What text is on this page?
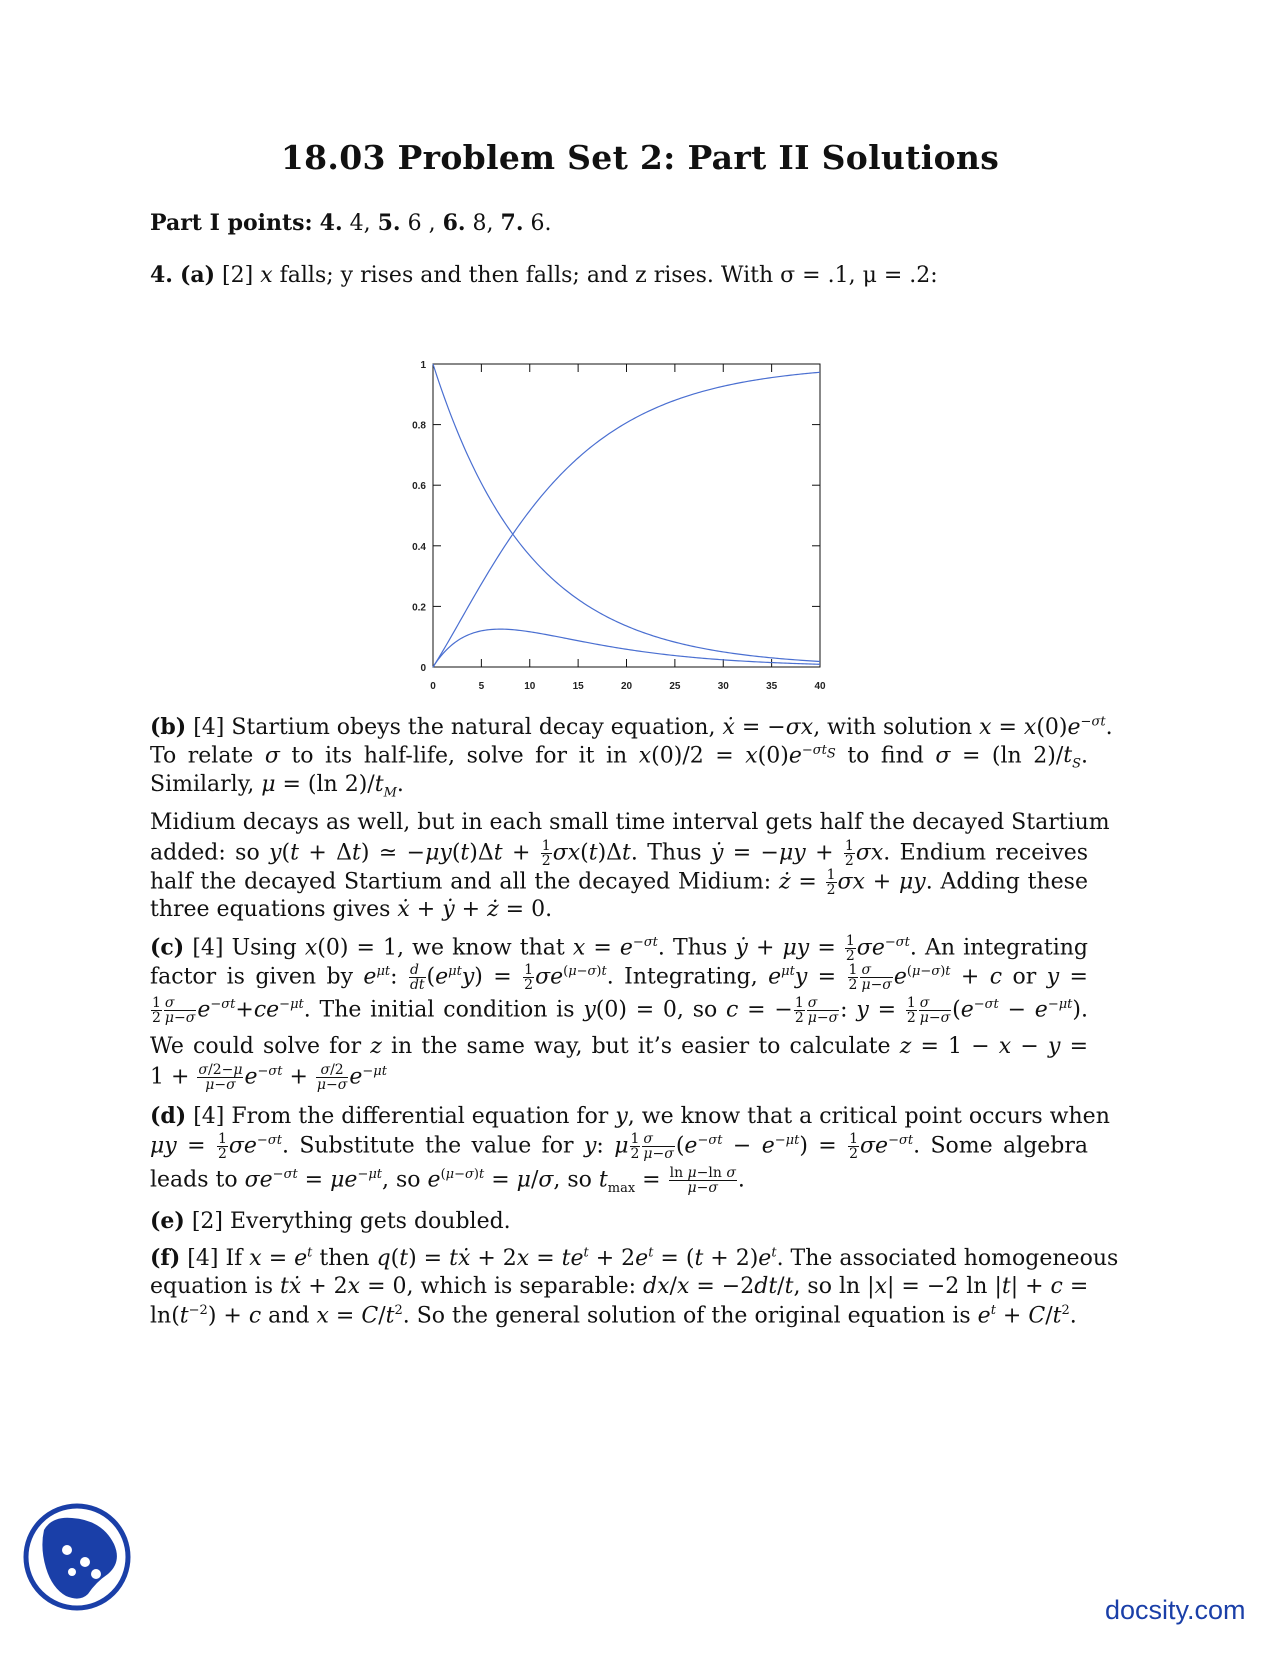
18.03 Problem Set 2: Part II Solutions
Part I points: 4. 4, 5. 6 , 6. 8, 7. 6.
4. (a) [2] x falls; y rises and then falls; and z rises. With σ = .1, μ = .2:
0	5	10	15	20	25	30	35	40
0
0.2
0.4
0.6
0.8
1
(b) [4] Startium obeys the natural decay equation, ẋ = −σx, with solution $x = x(0)e^{-\sigma t}$.
To relate σ to its half-life, solve for it in $x(0)/2 = x(0)e^{-\sigma t_S}$ to find σ = (ln $2)/t_S$.
Similarly, μ = (ln $2)/t_M$.
Midium decays as well, but in each small time interval gets half the decayed Startium
added: so y(t + Δt) ≃ $-\mu y(t)\Delta t + \frac{1}{2} \sigma x(t)\Delta t$. Thus ẏ = $-\mu y + \frac{1}{2} \sigma x$. Endium receives
half the decayed Startium and all the decayed Midium: ż = $\frac{1}{2}$ σx + μy. Adding these
three equations gives ẋ + ẏ + ż = 0.
(c) [4] Using x(0) = 1, we know that $x = e^{-\sigma t}$. Thus ẏ + $\mu y = \frac{1}{2} \sigma e^{-\sigma t}$. An integrating
factor is given by $e^{\mu t}$: $\frac{d}{dt} (e^{\mu t}y) = \frac{1}{2} \sigma e^{(\mu-\sigma)t}$. Integrating, $e^{\mu t}y = \frac{1}{2} \frac{\sigma}{\mu-\sigma} e^{(\mu-\sigma)t} + c$ or y =
$\frac{1}{2} \frac{\sigma}{\mu-\sigma} e^{-\sigma t}+ce^{-\mu t}$. The initial condition is y(0) = 0, so c = − $\frac{1}{2} \frac{\sigma}{\mu-\sigma}$ : $y = \frac{1}{2} \frac{\sigma}{\mu-\sigma} (e^{-\sigma t} - e^{-\mu t})$.
We could solve for z in the same way, but it’s easier to calculate z = 1 − x − y =
$1 + \frac{\sigma/2-\mu}{\mu-\sigma} e^{-\sigma t} + \frac{\sigma/2}{\mu-\sigma} e^{-\mu t}$
(d) [4] From the differential equation for y, we know that a critical point occurs when
$\mu y = \frac{1}{2} \sigma e^{-\sigma t}$. Substitute the value for y: μ $\frac{1}{2} \frac{\sigma}{\mu-\sigma} (e^{-\sigma t} - e^{-\mu t}) = \frac{1}{2} \sigma e^{-\sigma t}$. Some algebra
leads to $\sigma e^{-\sigma t} = \mu e^{-\mu t}$, so $e^{(\mu-\sigma)t} = \mu/\sigma$, so $t_{max} = \frac{\text{ln μ−ln σ}}{\mu-\sigma}$ .
(e) [2] Everything gets doubled.
(f) [4] If $x = e^t$ then q(t) = tẋ + $2x = te^t + 2e^t = (t + 2)e^t$. The associated homogeneous
equation is tẋ + 2x = 0, which is separable: dx/x = −2dt/t, so ln |x| = −2 ln |t| + c =
$\ln(t^{-2}) + c$ and $x = C/t^2$. So the general solution of the original equation is $e^t + C/t^2$.
docsity.com
